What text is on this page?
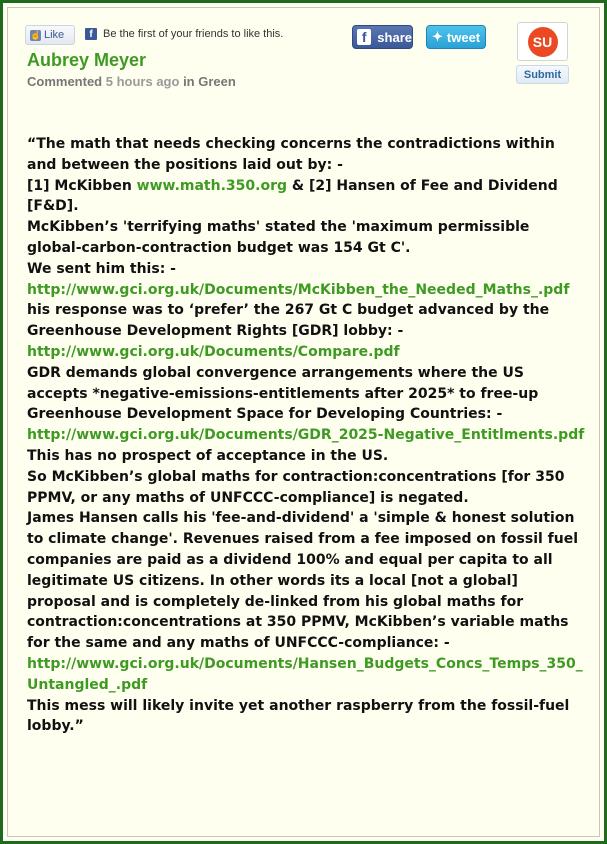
☝ Like	f Be the first of your friends to like this.	f share ✦ tweet	SU
Submit
Aubrey Meyer
Commented 5 hours ago in Green

“The math that needs checking concerns the contradictions within and between the positions laid out by: -

[1] McKibben www.math.350.org & [2] Hansen of Fee and Dividend [F&D].

McKibben’s 'terrifying maths' stated the 'maximum permissible global-carbon-contraction budget was 154 Gt C'.

We sent him this: -

http://www.gci.org.uk/Documents/McKibben_the_Needed_Maths_.pdf

his response was to ‘prefer’ the 267 Gt C budget advanced by the Greenhouse Development Rights [GDR] lobby: -

http://www.gci.org.uk/Documents/Compare.pdf

GDR demands global convergence arrangements where the US accepts *negative-emissions-entitlements after 2025* to free-up Greenhouse Development Space for Developing Countries: -

http://www.gci.org.uk/Documents/GDR_2025-Negative_Entitlments.pdf

This has no prospect of acceptance in the US.

So McKibben’s global maths for contraction:concentrations [for 350 PPMV, or any maths of UNFCCC-compliance] is negated.

James Hansen calls his 'fee-and-dividend' a 'simple & honest solution to climate change'. Revenues raised from a fee imposed on fossil fuel companies are paid as a dividend 100% and equal per capita to all legitimate US citizens. In other words its a local [not a global] proposal and is completely de-linked from his global maths for contraction:concentrations at 350 PPMV, McKibben’s variable maths for the same and any maths of UNFCCC-compliance: -

http://www.gci.org.uk/Documents/Hansen_Budgets_Concs_Temps_350_Untangled_.pdf

This mess will likely invite yet another raspberry from the fossil-fuel lobby.”
